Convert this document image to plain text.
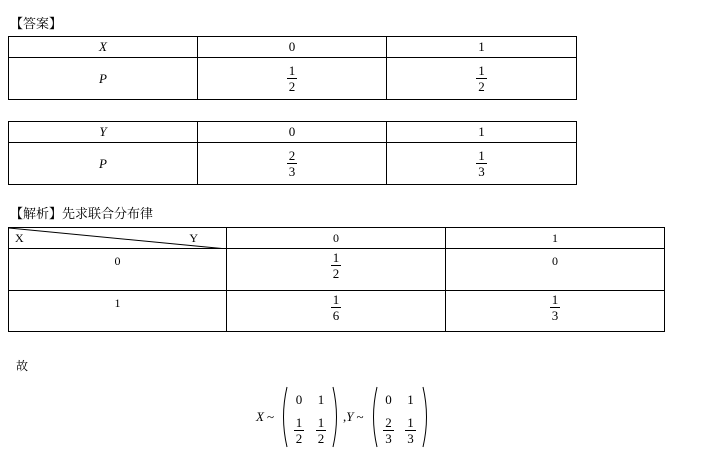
【答案】
X	0	1
P	$\frac{1}{2}$	$\frac{1}{2}$
Y	0	1
P	$\frac{2}{3}$	$\frac{1}{3}$
【解析】先求联合分布律
X Y	0	1
0	$\frac{1}{2}$	0
1	$\frac{1}{6}$	$\frac{1}{3}$
故
X ~
0 1
$\frac{1}{2} \frac{1}{2}$ , Y ~
0 1
$\frac{2}{3} \frac{1}{3}$
